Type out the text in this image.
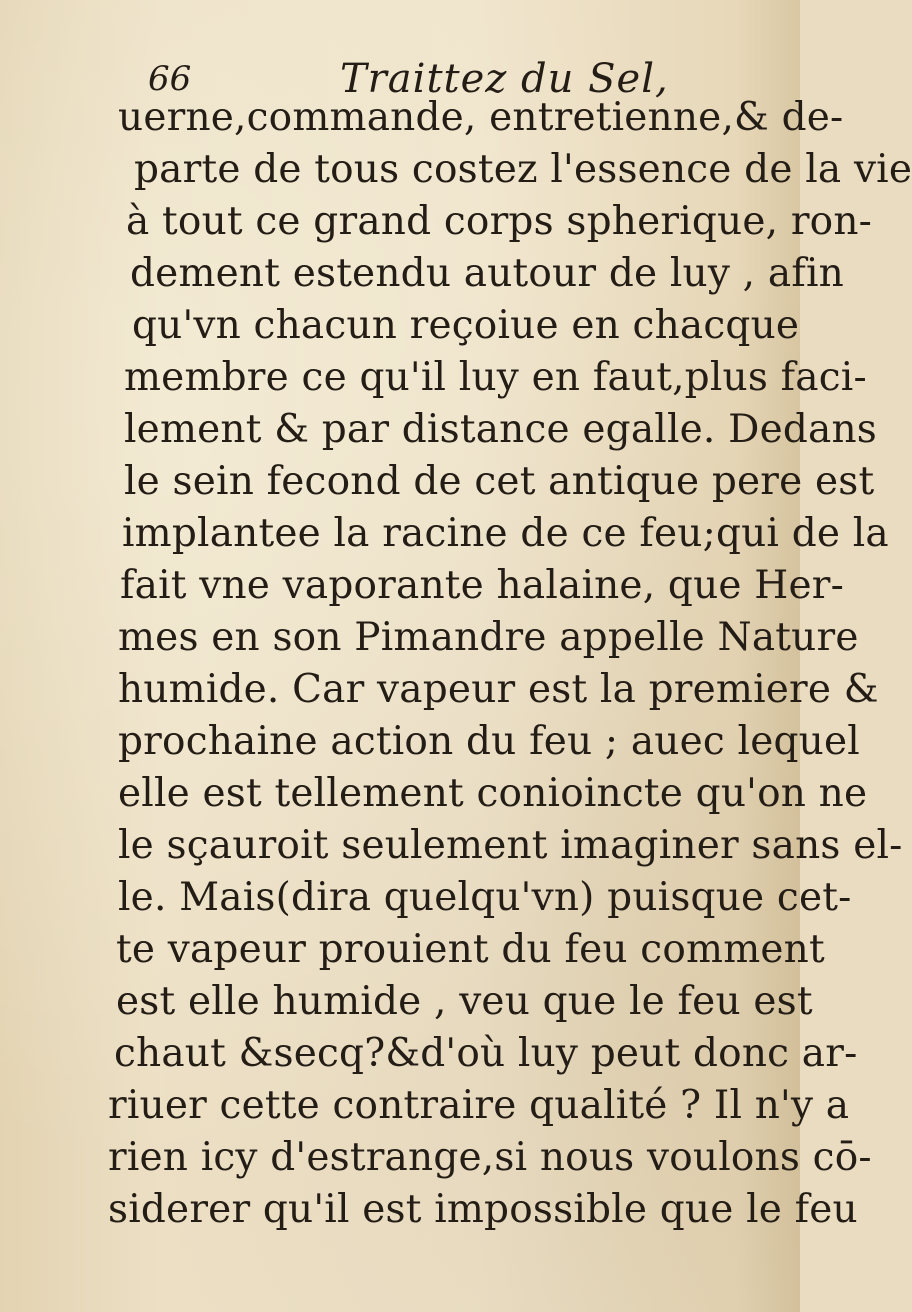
66	Traittez du Sel,
uerne,commande, entretienne,& de-
parte de tous costez l'essence de la vie
à tout ce grand corps spherique, ron-
dement estendu autour de luy , afin
qu'vn chacun reçoiue en chacque
membre ce qu'il luy en faut,plus faci-
lement & par distance egalle. Dedans
le sein fecond de cet antique pere est
implantee la racine de ce feu;qui de la
fait vne vaporante halaine, que Her-
mes en son Pimandre appelle Nature
humide. Car vapeur est la premiere &
prochaine action du feu ; auec lequel
elle est tellement conioincte qu'on ne
le sçauroit seulement imaginer sans el-
le. Mais(dira quelqu'vn) puisque cet-
te vapeur prouient du feu comment
est elle humide , veu que le feu est
chaut &secq?&d'où luy peut donc ar-
riuer cette contraire qualité ? Il n'y a
rien icy d'estrange,si nous voulons cō-
siderer qu'il est impossible que le feu
